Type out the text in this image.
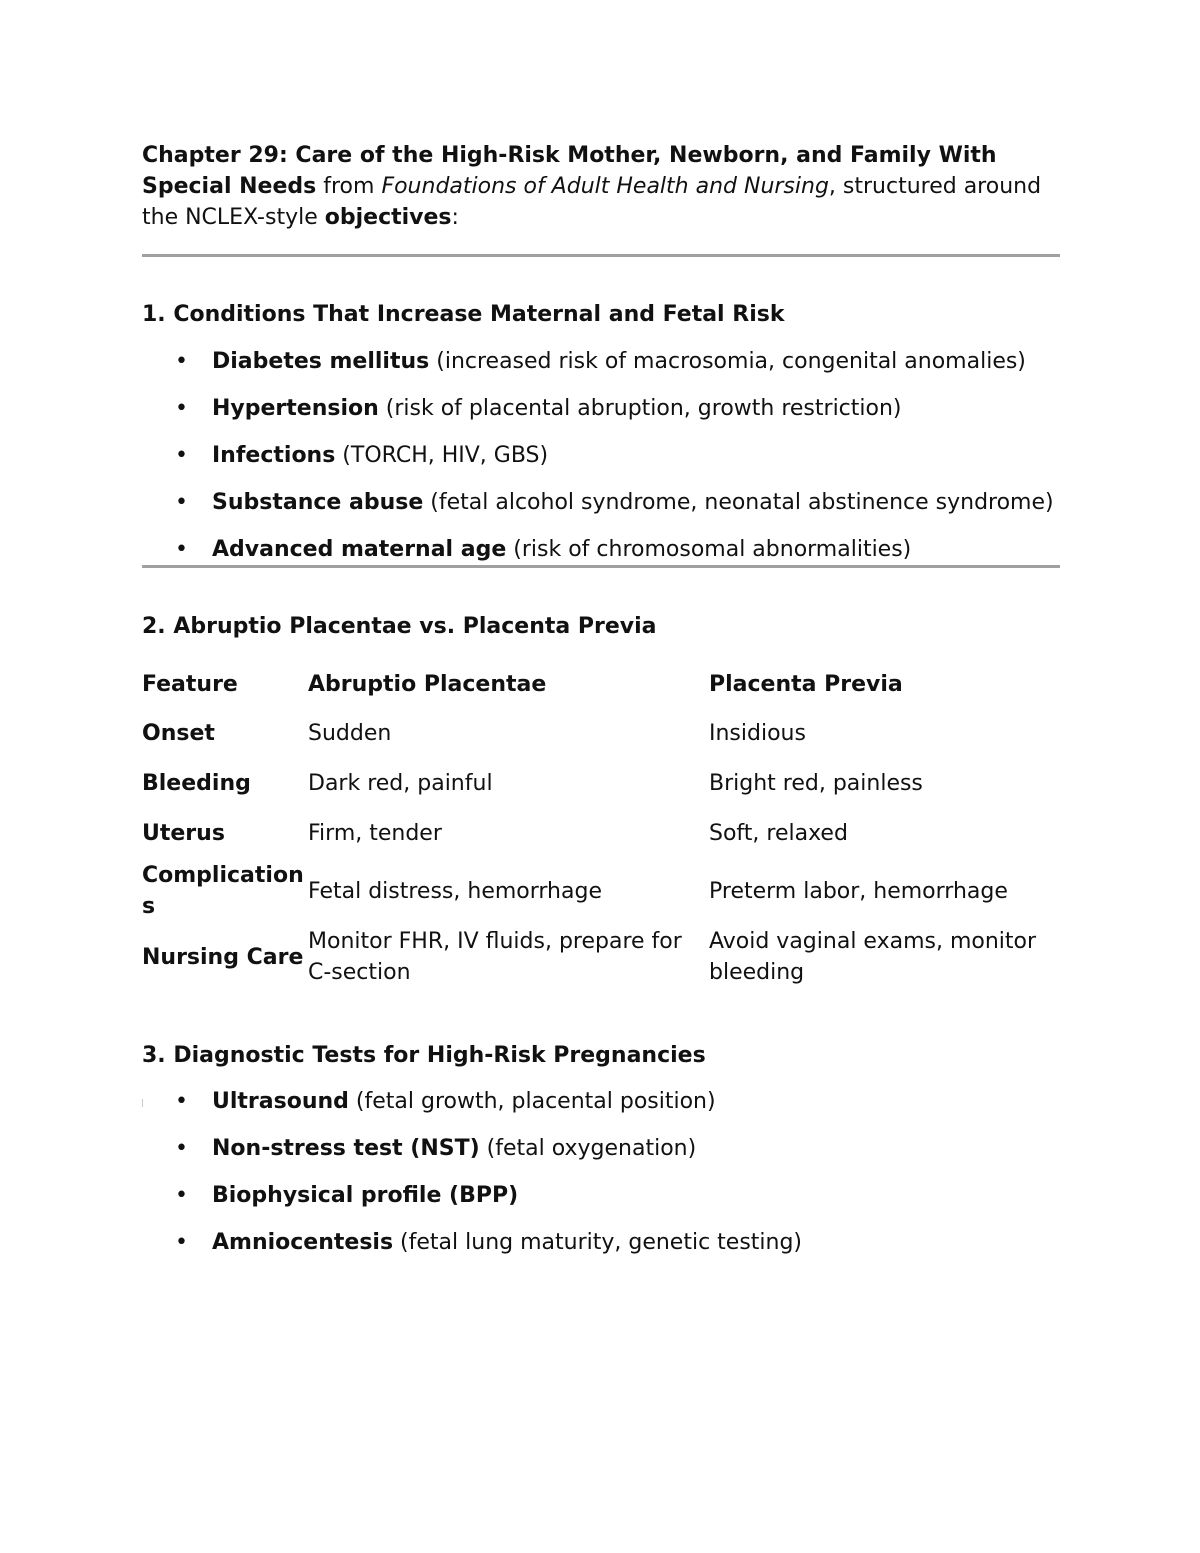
Chapter 29: Care of the High-Risk Mother, Newborn, and Family With Special Needs from Foundations of Adult Health and Nursing, structured around the NCLEX-style objectives:

1. Conditions That Increase Maternal and Fetal Risk

• Diabetes mellitus (increased risk of macrosomia, congenital anomalies)
• Hypertension (risk of placental abruption, growth restriction)
• Infections (TORCH, HIV, GBS)
• Substance abuse (fetal alcohol syndrome, neonatal abstinence syndrome)
• Advanced maternal age (risk of chromosomal abnormalities)

2. Abruptio Placentae vs. Placenta Previa

Feature	Abruptio Placentae	Placenta Previa
Onset	Sudden	Insidious
Bleeding	Dark red, painful	Bright red, painless
Uterus	Firm, tender	Soft, relaxed
Complications	Fetal distress, hemorrhage	Preterm labor, hemorrhage
Nursing Care	Monitor FHR, IV fluids, prepare for C-section	Avoid vaginal exams, monitor bleeding

3. Diagnostic Tests for High-Risk Pregnancies

• Ultrasound (fetal growth, placental position)
• Non-stress test (NST) (fetal oxygenation)
• Biophysical profile (BPP)
• Amniocentesis (fetal lung maturity, genetic testing)
